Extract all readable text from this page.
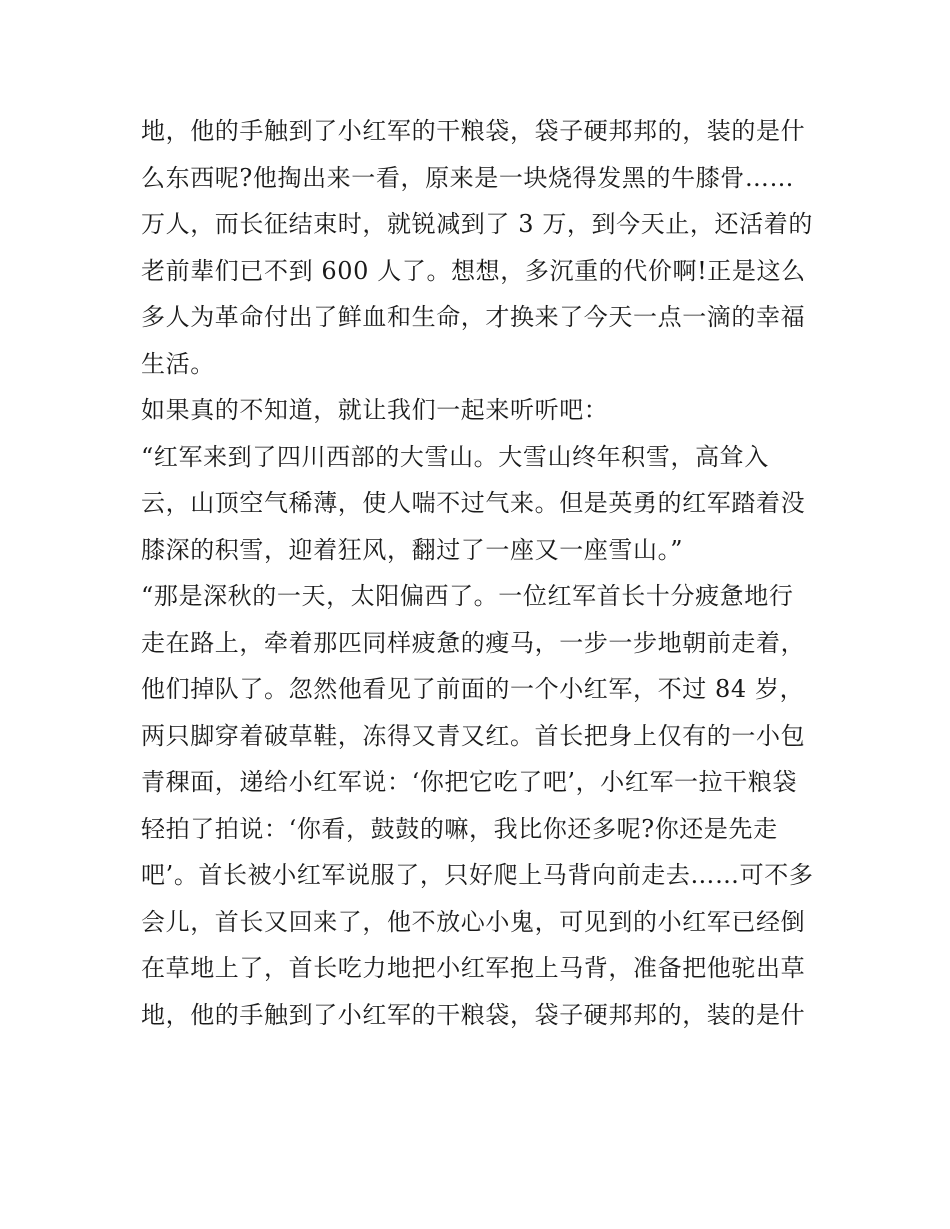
地，他的手触到了小红军的干粮袋，袋子硬邦邦的，装的是什
么东西呢?他掏出来一看，原来是一块烧得发黑的牛膝骨……
万人，而长征结束时，就锐减到了 3 万，到今天止，还活着的
老前辈们已不到 600 人了。想想，多沉重的代价啊!正是这么
多人为革命付出了鲜血和生命，才换来了今天一点一滴的幸福
生活。
如果真的不知道，就让我们一起来听听吧：
“红军来到了四川西部的大雪山。大雪山终年积雪，高耸入
云，山顶空气稀薄，使人喘不过气来。但是英勇的红军踏着没
膝深的积雪，迎着狂风，翻过了一座又一座雪山。”
“那是深秋的一天，太阳偏西了。一位红军首长十分疲惫地行
走在路上，牵着那匹同样疲惫的瘦马，一步一步地朝前走着，
他们掉队了。忽然他看见了前面的一个小红军，不过 84 岁，
两只脚穿着破草鞋，冻得又青又红。首长把身上仅有的一小包
青稞面，递给小红军说：‘你把它吃了吧’，小红军一拉干粮袋
轻拍了拍说：‘你看，鼓鼓的嘛，我比你还多呢?你还是先走
吧’。首长被小红军说服了，只好爬上马背向前走去……可不多
会儿，首长又回来了，他不放心小鬼，可见到的小红军已经倒
在草地上了，首长吃力地把小红军抱上马背，准备把他驼出草
地，他的手触到了小红军的干粮袋，袋子硬邦邦的，装的是什
